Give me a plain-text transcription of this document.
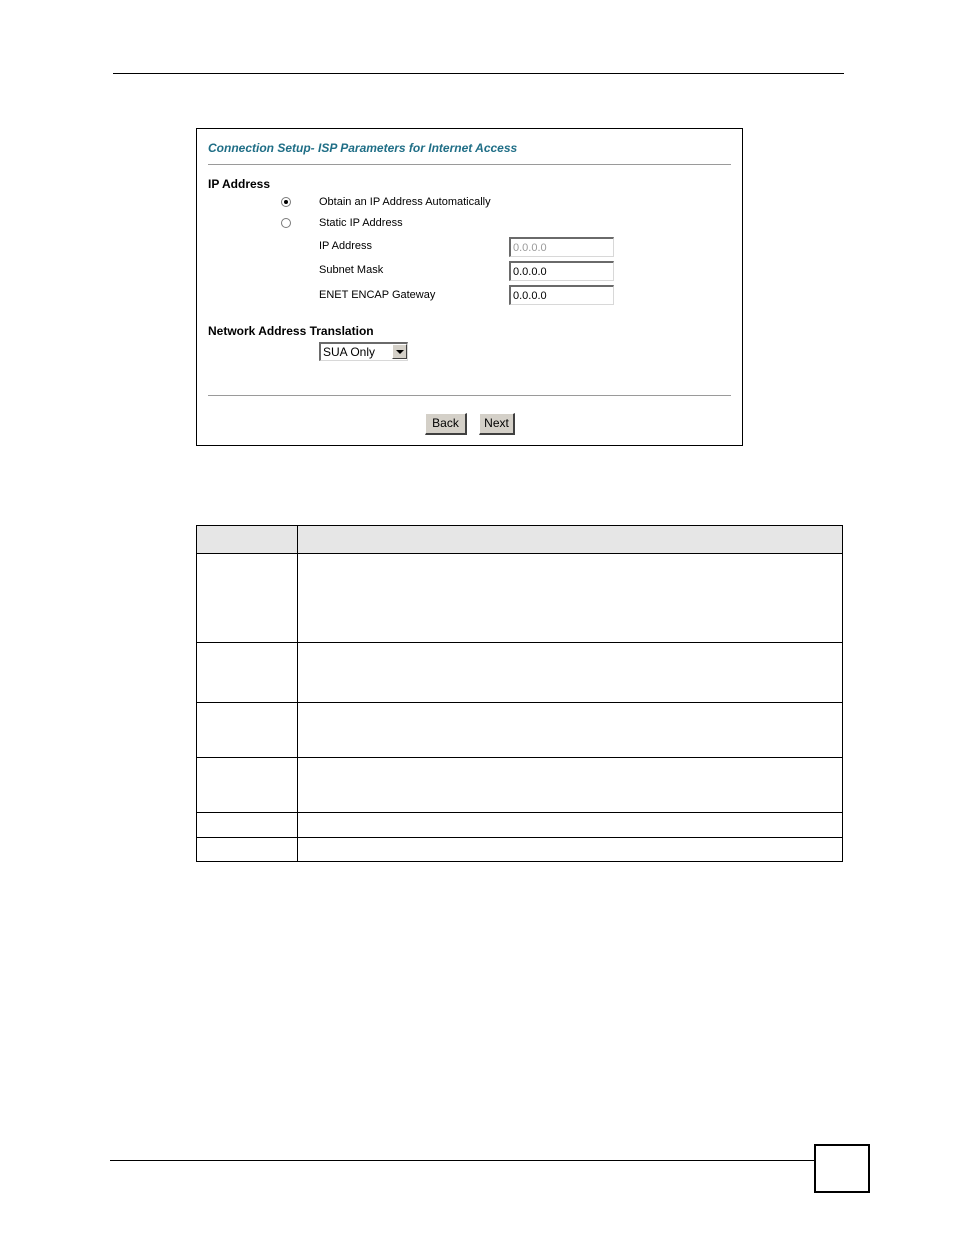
Connection Setup- ISP Parameters for Internet Access
IP Address
Obtain an IP Address Automatically
Static IP Address
IP Address
0.0.0.0
Subnet Mask
0.0.0.0
ENET ENCAP Gateway
0.0.0.0
Network Address Translation
SUA Only
Back	Next
